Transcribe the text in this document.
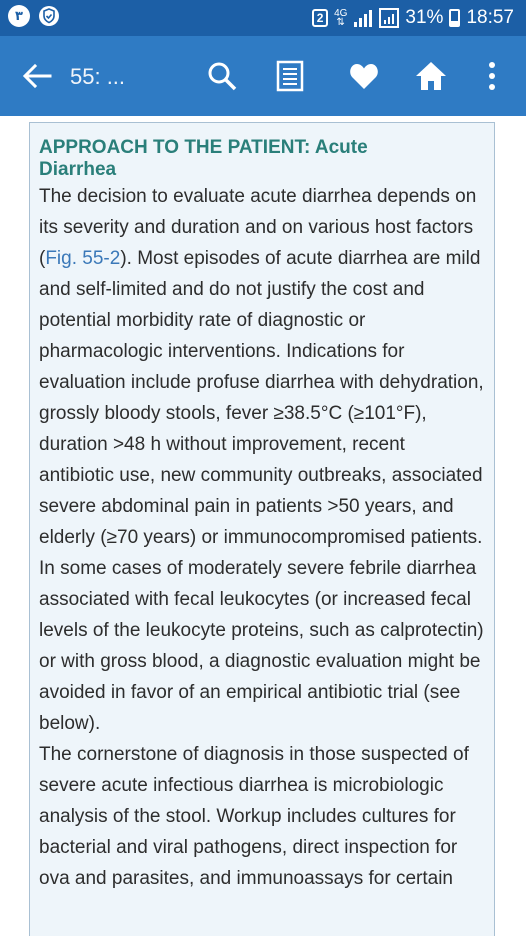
٣	2	4G
⇅	31% 18:57
55: ...
APPROACH TO THE PATIENT: Acute Diarrhea

The decision to evaluate acute diarrhea depends on its severity and duration and on various host factors (Fig. 55-2). Most episodes of acute diarrhea are mild and self-limited and do not justify the cost and potential morbidity rate of diagnostic or pharmacologic interventions. Indications for evaluation include profuse diarrhea with dehydration, grossly bloody stools, fever ≥38.5°C (≥101°F), duration >48 h without improvement, recent antibiotic use, new community outbreaks, associated severe abdominal pain in patients >50 years, and elderly (≥70 years) or immunocompromised patients. In some cases of moderately severe febrile diarrhea associated with fecal leukocytes (or increased fecal levels of the leukocyte proteins, such as calprotectin) or with gross blood, a diagnostic evaluation might be avoided in favor of an empirical antibiotic trial (see below).

The cornerstone of diagnosis in those suspected of severe acute infectious diarrhea is microbiologic analysis of the stool. Workup includes cultures for bacterial and viral pathogens, direct inspection for ova and parasites, and immunoassays for certain
